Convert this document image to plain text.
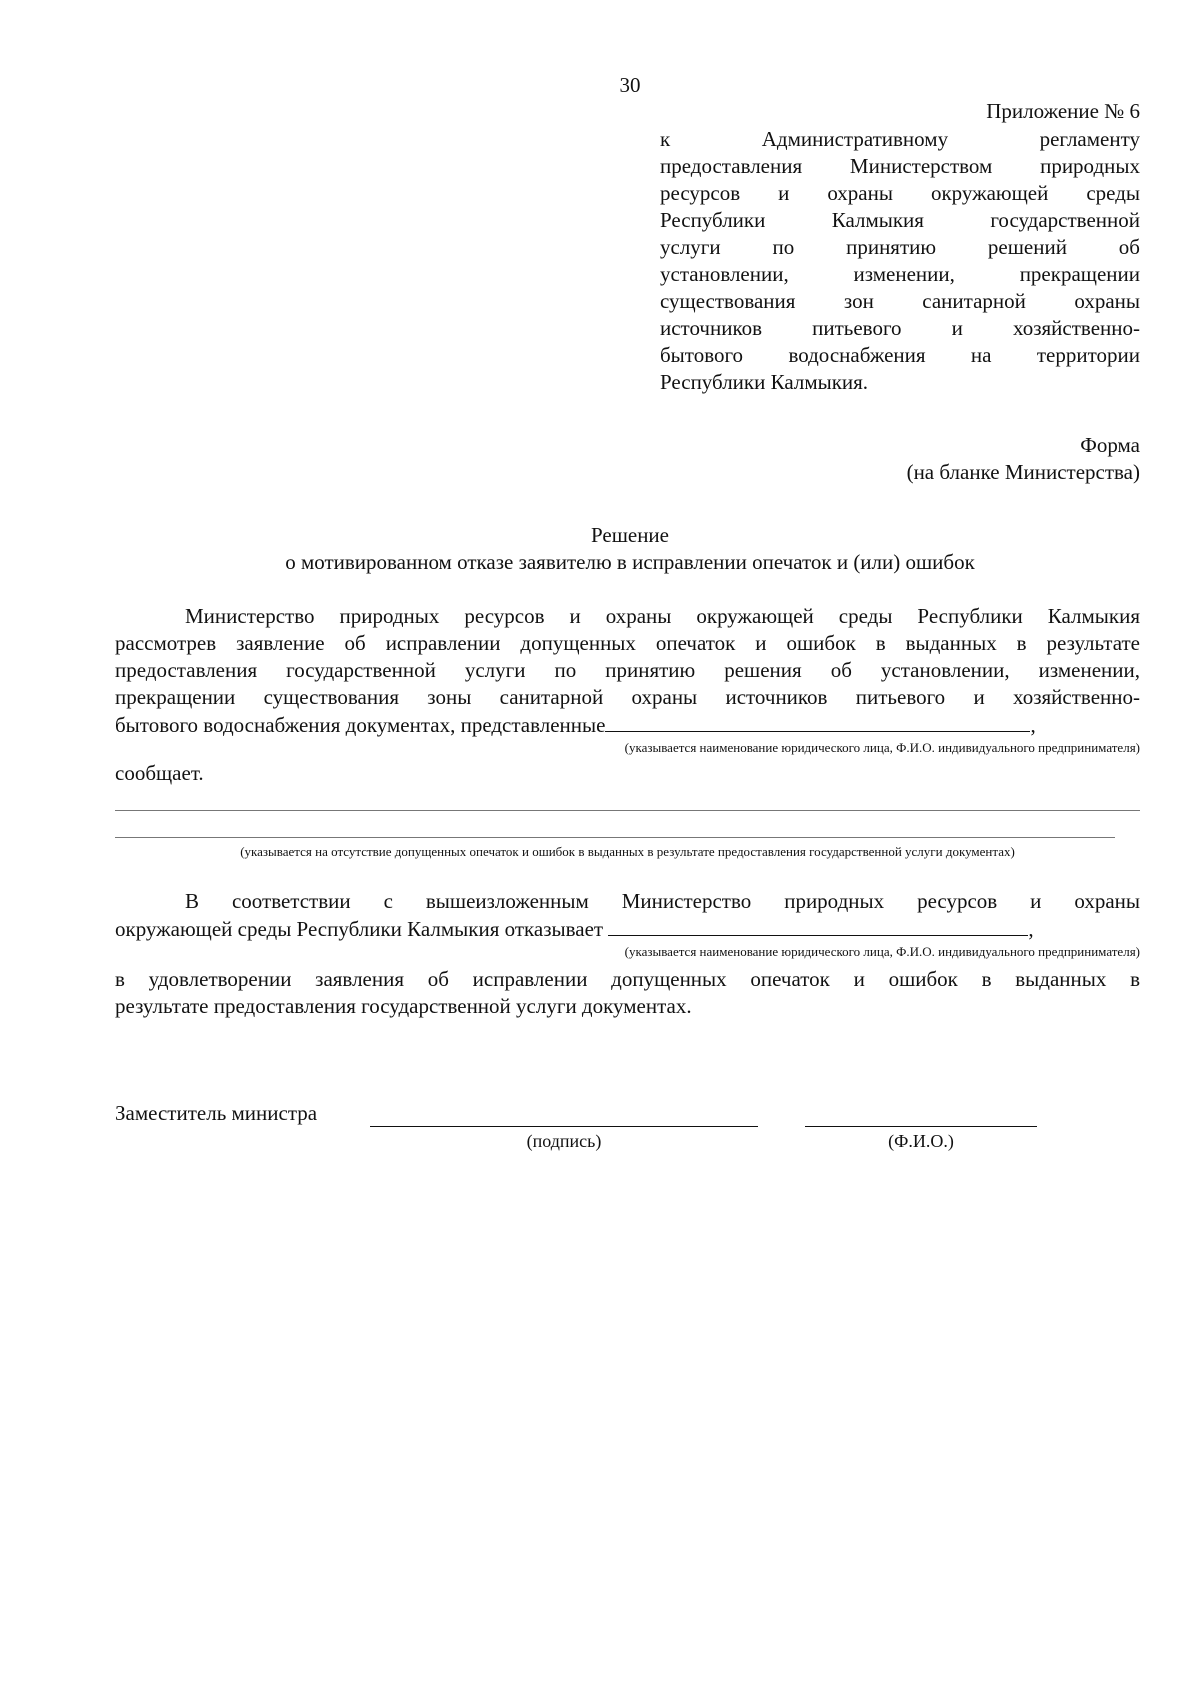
30
Приложение № 6
к Административному регламенту
предоставления Министерством природных
ресурсов и охраны окружающей среды
Республики Калмыкия государственной
услуги по принятию решений об
установлении, изменении, прекращении
существования зон санитарной охраны
источников питьевого и хозяйственно-
бытового водоснабжения на территории
Республики Калмыкия.
Форма
(на бланке Министерства)
Решение
о мотивированном отказе заявителю в исправлении опечаток и (или) ошибок
Министерство природных ресурсов и охраны окружающей среды Республики Калмыкия
рассмотрев заявление об исправлении допущенных опечаток и ошибок в выданных в результате
предоставления государственной услуги по принятию решения об установлении, изменении,
прекращении существования зоны санитарной охраны источников питьевого и хозяйственно-
бытового водоснабжения документах, представленные	,
(указывается наименование юридического лица, Ф.И.О. индивидуального предпринимателя)
сообщает.
(указывается на отсутствие допущенных опечаток и ошибок в выданных в результате предоставления государственной услуги документах)
В соответствии с вышеизложенным Министерство природных ресурсов и охраны
окружающей среды Республики Калмыкия отказывает	,
(указывается наименование юридического лица, Ф.И.О. индивидуального предпринимателя)
в удовлетворении заявления об исправлении допущенных опечаток и ошибок в выданных в
результате предоставления государственной услуги документах.
Заместитель министра
(подпись)	(Ф.И.О.)
